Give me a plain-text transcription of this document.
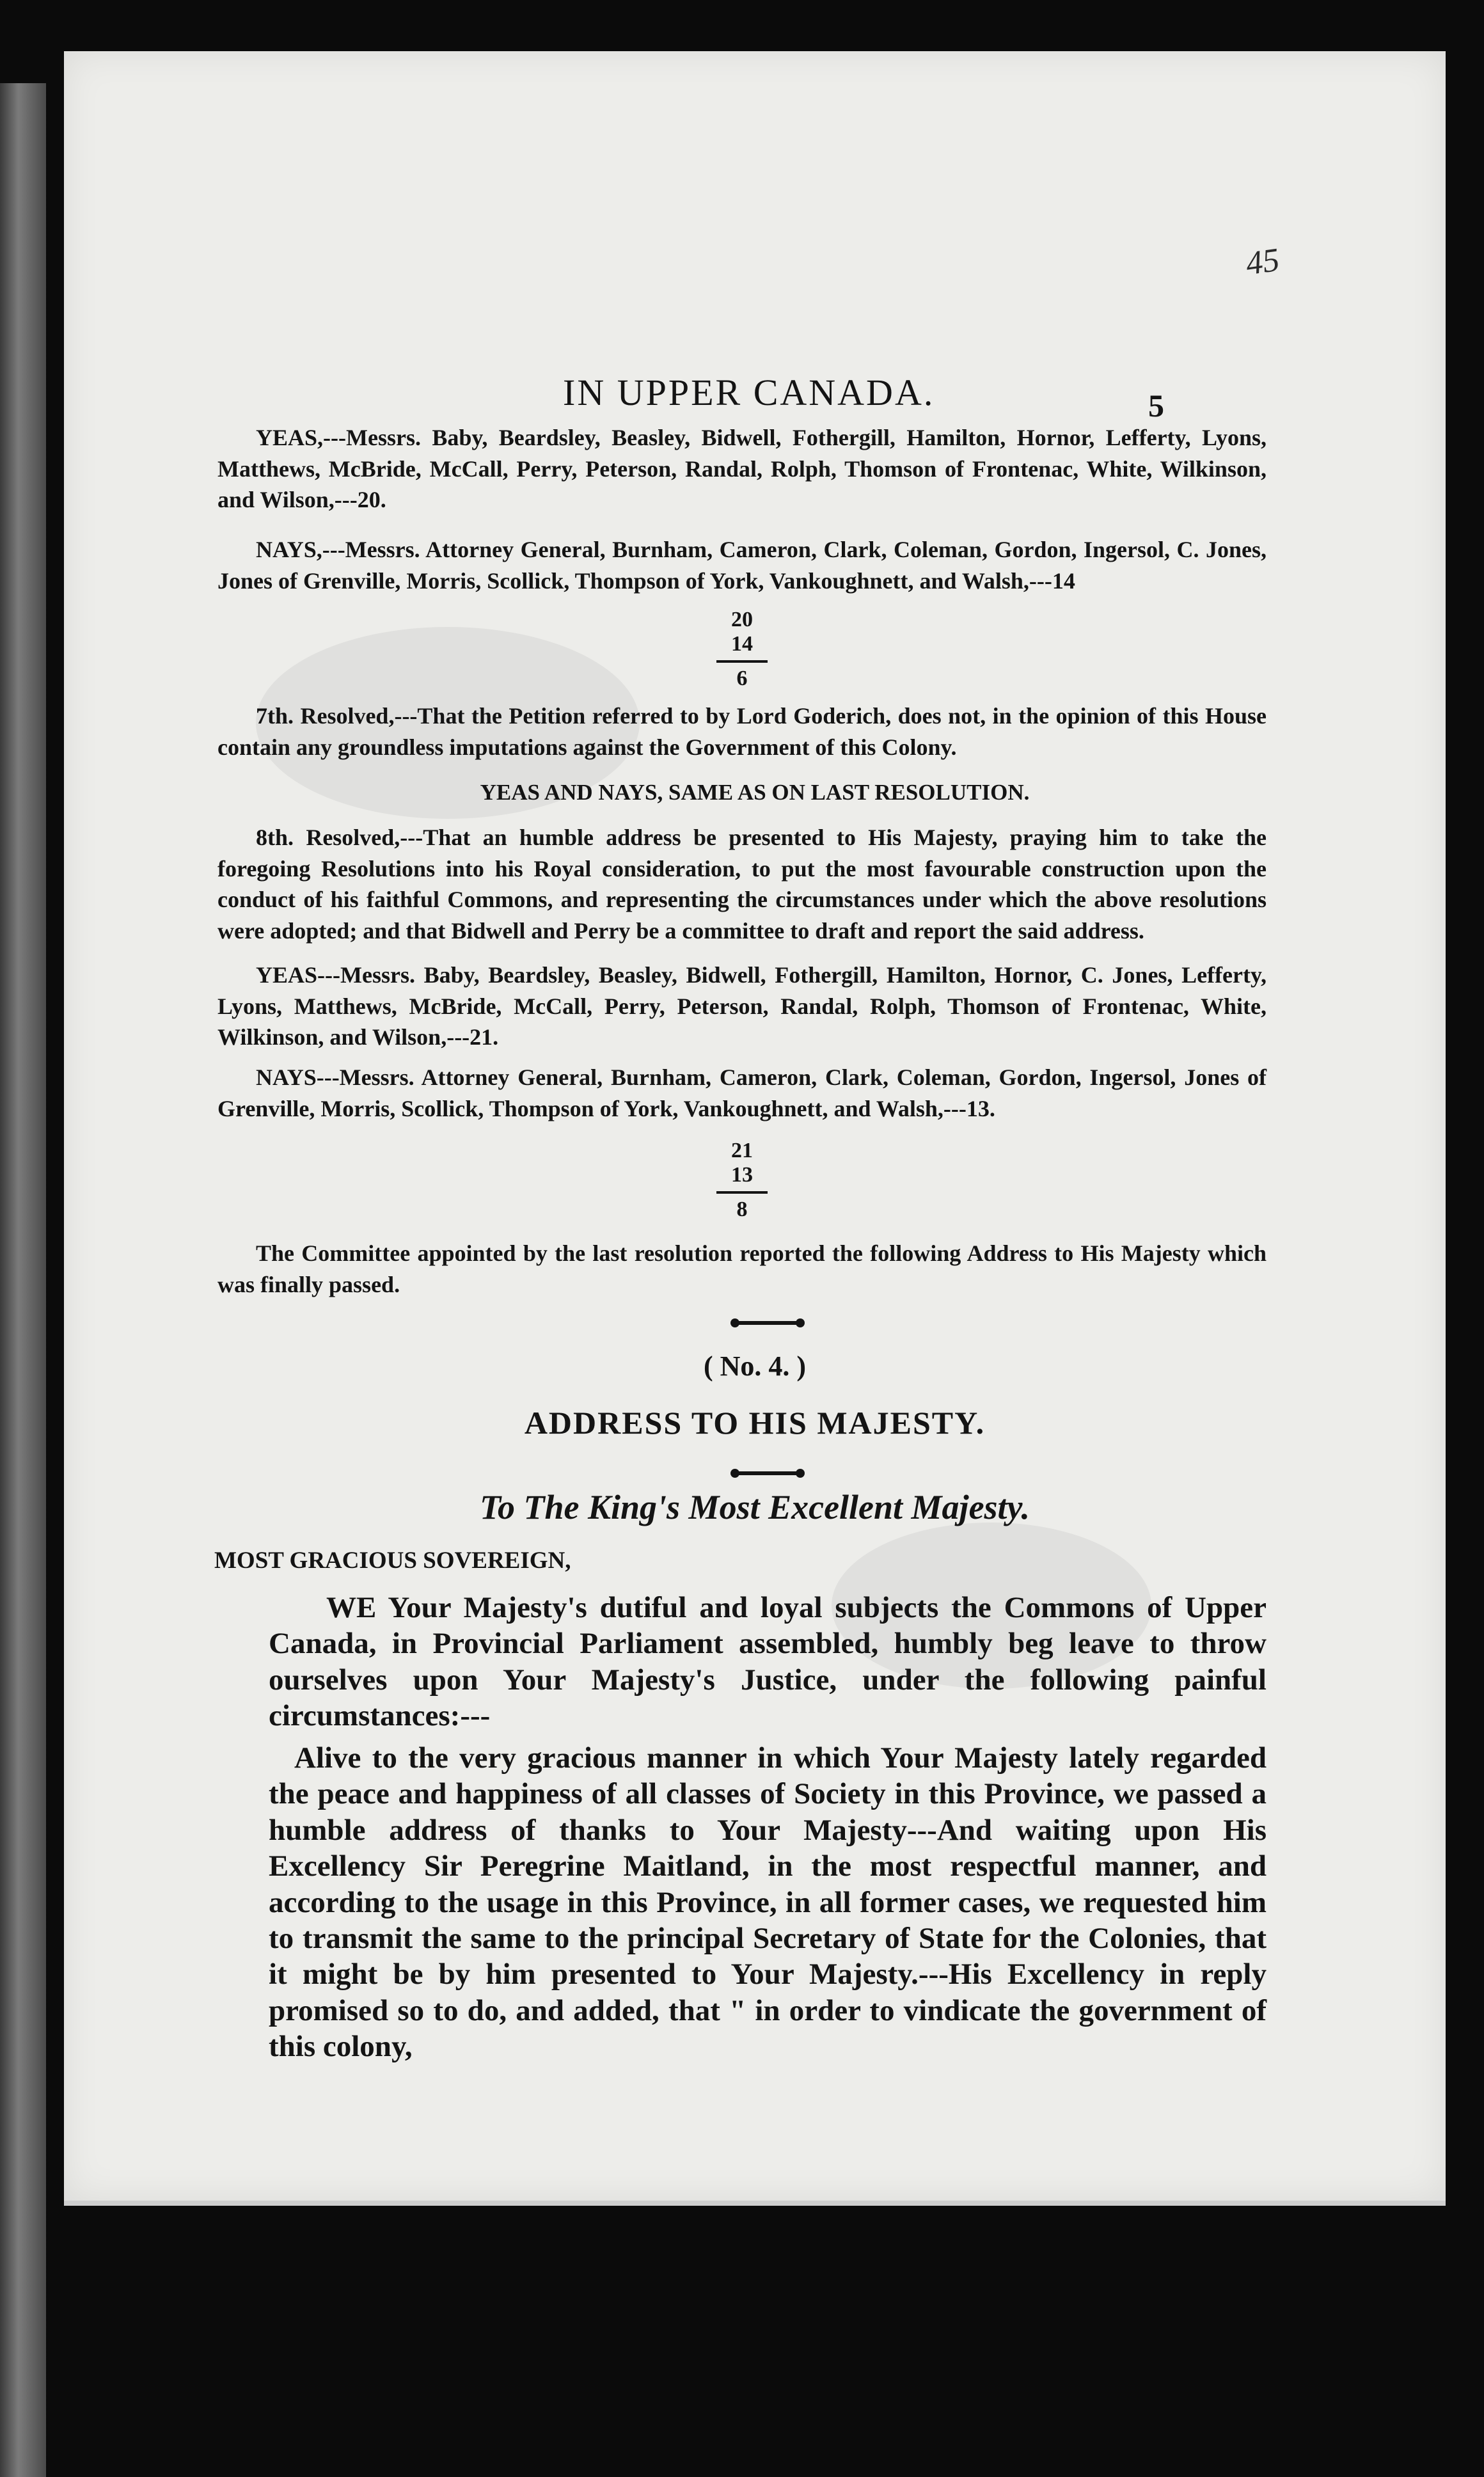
45
IN UPPER CANADA.	5
YEAS,---Messrs. Baby, Beardsley, Beasley, Bidwell, Fothergill, Hamilton, Hornor, Lefferty, Lyons, Matthews, McBride, McCall, Perry, Peterson, Randal, Rolph, Thomson of Frontenac, White, Wilkinson, and Wilson,---20.
NAYS,---Messrs. Attorney General, Burnham, Cameron, Clark, Coleman, Gordon, Ingersol, C. Jones, Jones of Grenville, Morris, Scollick, Thompson of York, Vankoughnett, and Walsh,---14
20
14
6
7th. Resolved,---That the Petition referred to by Lord Goderich, does not, in the opinion of this House contain any groundless imputations against the Government of this Colony.
YEAS AND NAYS, SAME AS ON LAST RESOLUTION.
8th. Resolved,---That an humble address be presented to His Majesty, praying him to take the foregoing Resolutions into his Royal consideration, to put the most favourable construction upon the conduct of his faithful Commons, and representing the circumstances under which the above resolutions were adopted; and that Bidwell and Perry be a committee to draft and report the said address.
YEAS---Messrs. Baby, Beardsley, Beasley, Bidwell, Fothergill, Hamilton, Hornor, C. Jones, Lefferty, Lyons, Matthews, McBride, McCall, Perry, Peterson, Randal, Rolph, Thomson of Frontenac, White, Wilkinson, and Wilson,---21.
NAYS---Messrs. Attorney General, Burnham, Cameron, Clark, Coleman, Gordon, Ingersol, Jones of Grenville, Morris, Scollick, Thompson of York, Vankoughnett, and Walsh,---13.
21
13
8
The Committee appointed by the last resolution reported the following Address to His Majesty which was finally passed.
( No. 4. )
ADDRESS TO HIS MAJESTY.
To The King's Most Excellent Majesty.
MOST GRACIOUS SOVEREIGN,
WE Your Majesty's dutiful and loyal subjects the Commons of Upper Canada, in Provincial Parliament assembled, humbly beg leave to throw ourselves upon Your Majesty's Justice, under the following painful circumstances:---
Alive to the very gracious manner in which Your Majesty lately regarded the peace and happiness of all classes of Society in this Province, we passed a humble address of thanks to Your Majesty---And waiting upon His Excellency Sir Peregrine Maitland, in the most respectful manner, and according to the usage in this Province, in all former cases, we requested him to transmit the same to the principal Secretary of State for the Colonies, that it might be by him presented to Your Majesty.---His Excellency in reply promised so to do, and added, that " in order to vindicate the government of this colony,
